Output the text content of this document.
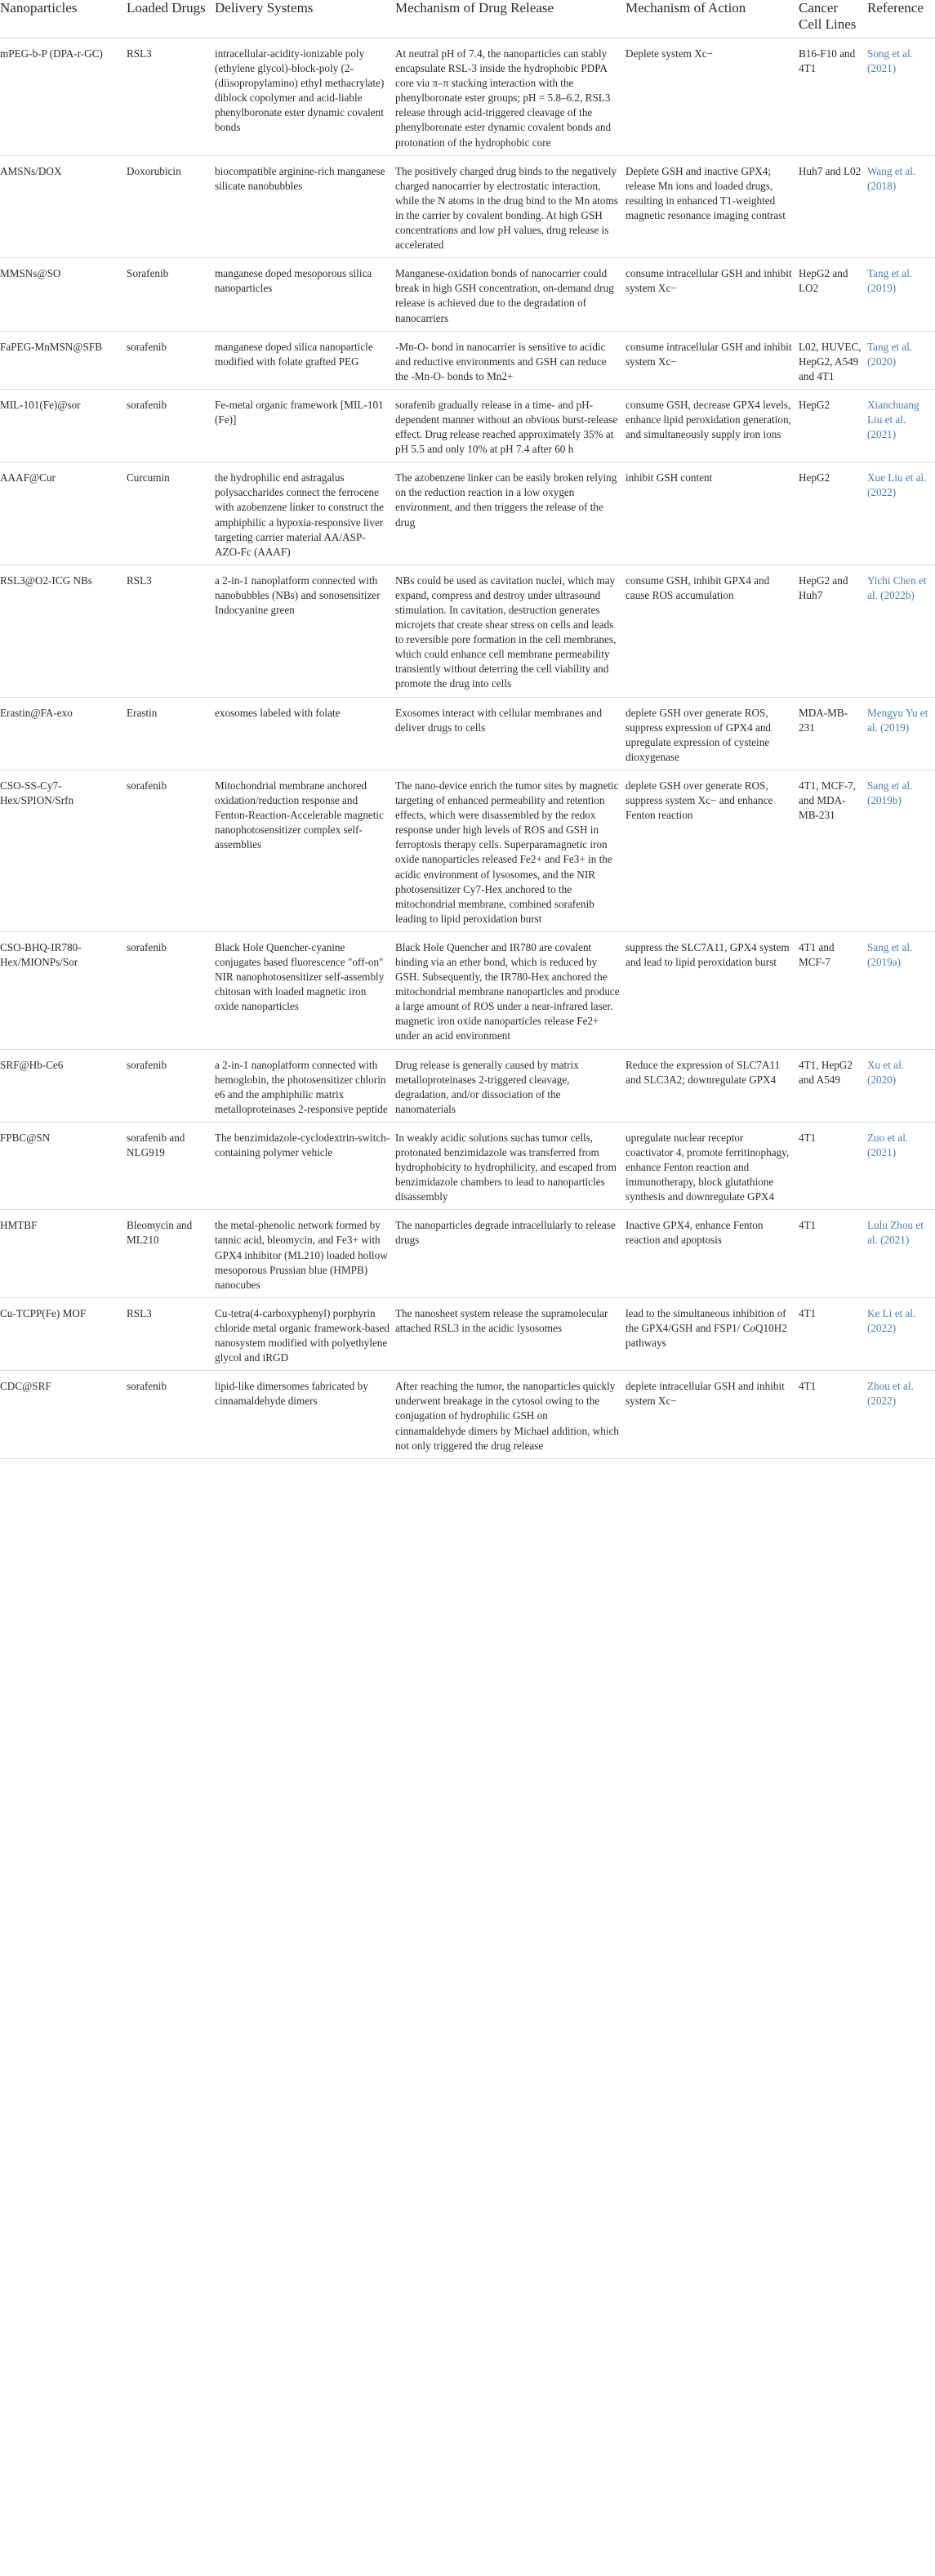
Nanoparticles	Loaded Drugs	Delivery Systems	Mechanism of Drug Release	Mechanism of Action	Cancer Cell Lines	Reference
mPEG-b-P (DPA-r-GC)	RSL3	intracellular-acidity-ionizable poly (ethylene glycol)-block-poly (2- (diisopropylamino) ethyl methacrylate) diblock copolymer and acid-liable phenylboronate ester dynamic covalent bonds	At neutral pH of 7.4, the nanoparticles can stably encapsulate RSL-3 inside the hydrophobic PDPA core via π–π stacking interaction with the phenylboronate ester groups; pH = 5.8–6.2, RSL3 release through acid-triggered cleavage of the phenylboronate ester dynamic covalent bonds and protonation of the hydrophobic core	Deplete system Xc−	B16-F10 and 4T1	Song et al. (2021)
AMSNs/DOX	Doxorubicin	biocompatible arginine-rich manganese silicate nanobubbles	The positively charged drug binds to the negatively charged nanocarrier by electrostatic interaction, while the N atoms in the drug bind to the Mn atoms in the carrier by covalent bonding. At high GSH concentrations and low pH values, drug release is accelerated	Deplete GSH and inactive GPX4; release Mn ions and loaded drugs, resulting in enhanced T1-weighted magnetic resonance imaging contrast	Huh7 and L02	Wang et al. (2018)
MMSNs@SO	Sorafenib	manganese doped mesoporous silica nanoparticles	Manganese-oxidation bonds of nanocarrier could break in high GSH concentration, on-demand drug release is achieved due to the degradation of nanocarriers	consume intracellular GSH and inhibit system Xc−	HepG2 and LO2	Tang et al. (2019)
FaPEG-MnMSN@SFB	sorafenib	manganese doped silica nanoparticle modified with folate grafted PEG	-Mn-O- bond in nanocarrier is sensitive to acidic and reductive environments and GSH can reduce the -Mn-O- bonds to Mn2+	consume intracellular GSH and inhibit system Xc−	L02, HUVEC, HepG2, A549 and 4T1	Tang et al. (2020)
MIL-101(Fe)@sor	sorafenib	Fe-metal organic framework [MIL-101 (Fe)]	sorafenib gradually release in a time- and pH-dependent manner without an obvious burst-release effect. Drug release reached approximately 35% at pH 5.5 and only 10% at pH 7.4 after 60 h	consume GSH, decrease GPX4 levels, enhance lipid peroxidation generation, and simultaneously supply iron ions	HepG2	Xianchuang Liu et al. (2021)
AAAF@Cur	Curcumin	the hydrophilic end astragalus polysaccharides connect the ferrocene with azobenzene linker to construct the amphiphilic a hypoxia-responsive liver targeting carrier material AA/ASP-AZO-Fc (AAAF)	The azobenzene linker can be easily broken relying on the reduction reaction in a low oxygen environment, and then triggers the release of the drug	inhibit GSH content	HepG2	Xue Liu et al. (2022)
RSL3@O2-ICG NBs	RSL3	a 2-in-1 nanoplatform connected with nanobubbles (NBs) and sonosensitizer Indocyanine green	NBs could be used as cavitation nuclei, which may expand, compress and destroy under ultrasound stimulation. In cavitation, destruction generates microjets that create shear stress on cells and leads to reversible pore formation in the cell membranes, which could enhance cell membrane permeability transiently without deterring the cell viability and promote the drug into cells	consume GSH, inhibit GPX4 and cause ROS accumulation	HepG2 and Huh7	Yichi Chen et al. (2022b)
Erastin@FA-exo	Erastin	exosomes labeled with folate	Exosomes interact with cellular membranes and deliver drugs to cells	deplete GSH over generate ROS, suppress expression of GPX4 and upregulate expression of cysteine dioxygenase	MDA-MB-231	Mengyu Yu et al. (2019)
CSO-SS-Cy7-Hex/SPION/Srfn	sorafenib	Mitochondrial membrane anchored oxidation/reduction response and Fenton-Reaction-Accelerable magnetic nanophotosensitizer complex self-assemblies	The nano-device enrich the tumor sites by magnetic targeting of enhanced permeability and retention effects, which were disassembled by the redox response under high levels of ROS and GSH in ferroptosis therapy cells. Superparamagnetic iron oxide nanoparticles released Fe2+ and Fe3+ in the acidic environment of lysosomes, and the NIR photosensitizer Cy7-Hex anchored to the mitochondrial membrane, combined sorafenib leading to lipid peroxidation burst	deplete GSH over generate ROS, suppress system Xc− and enhance Fenton reaction	4T1, MCF-7, and MDA-MB-231	Sang et al. (2019b)
CSO-BHQ-IR780-Hex/MIONPs/Sor	sorafenib	Black Hole Quencher-cyanine conjugates based fluorescence "off-on" NIR nanophotosensitizer self-assembly chitosan with loaded magnetic iron oxide nanoparticles	Black Hole Quencher and IR780 are covalent binding via an ether bond, which is reduced by GSH. Subsequently, the IR780-Hex anchored the mitochondrial membrane nanoparticles and produce a large amount of ROS under a near-infrared laser. magnetic iron oxide nanoparticles release Fe2+ under an acid environment	suppress the SLC7A11, GPX4 system and lead to lipid peroxidation burst	4T1 and MCF-7	Sang et al. (2019a)
SRF@Hb-Ce6	sorafenib	a 2-in-1 nanoplatform connected with hemoglobin, the photosensitizer chlorin e6 and the amphiphilic matrix metalloproteinases 2-responsive peptide	Drug release is generally caused by matrix metalloproteinases 2-triggered cleavage, degradation, and/or dissociation of the nanomaterials	Reduce the expression of SLC7A11 and SLC3A2; downregulate GPX4	4T1, HepG2 and A549	Xu et al. (2020)
FPBC@SN	sorafenib and NLG919	The benzimidazole-cyclodextrin-switch-containing polymer vehicle	In weakly acidic solutions suchas tumor cells, protonated benzimidazole was transferred from hydrophobicity to hydrophilicity, and escaped from benzimidazole chambers to lead to nanoparticles disassembly	upregulate nuclear receptor coactivator 4, promote ferritinophagy, enhance Fenton reaction and immunotherapy, block glutathione synthesis and downregulate GPX4	4T1	Zuo et al. (2021)
HMTBF	Bleomycin and ML210	the metal-phenolic network formed by tannic acid, bleomycin, and Fe3+ with GPX4 inhibitor (ML210) loaded hollow mesoporous Prussian blue (HMPB) nanocubes	The nanoparticles degrade intracellularly to release drugs	Inactive GPX4, enhance Fenton reaction and apoptosis	4T1	Lulu Zhou et al. (2021)
Cu-TCPP(Fe) MOF	RSL3	Cu-tetra(4-carboxyphenyl) porphyrin chloride metal organic framework-based nanosystem modified with polyethylene glycol and iRGD	The nanosheet system release the supramolecular attached RSL3 in the acidic lysosomes	lead to the simultaneous inhibition of the GPX4/GSH and FSP1/ CoQ10H2 pathways	4T1	Ke Li et al. (2022)
CDC@SRF	sorafenib	lipid-like dimersomes fabricated by cinnamaldehyde dimers	After reaching the tumor, the nanoparticles quickly underwent breakage in the cytosol owing to the conjugation of hydrophilic GSH on cinnamaldehyde dimers by Michael addition, which not only triggered the drug release	deplete intracellular GSH and inhibit system Xc−	4T1	Zhou et al. (2022)
